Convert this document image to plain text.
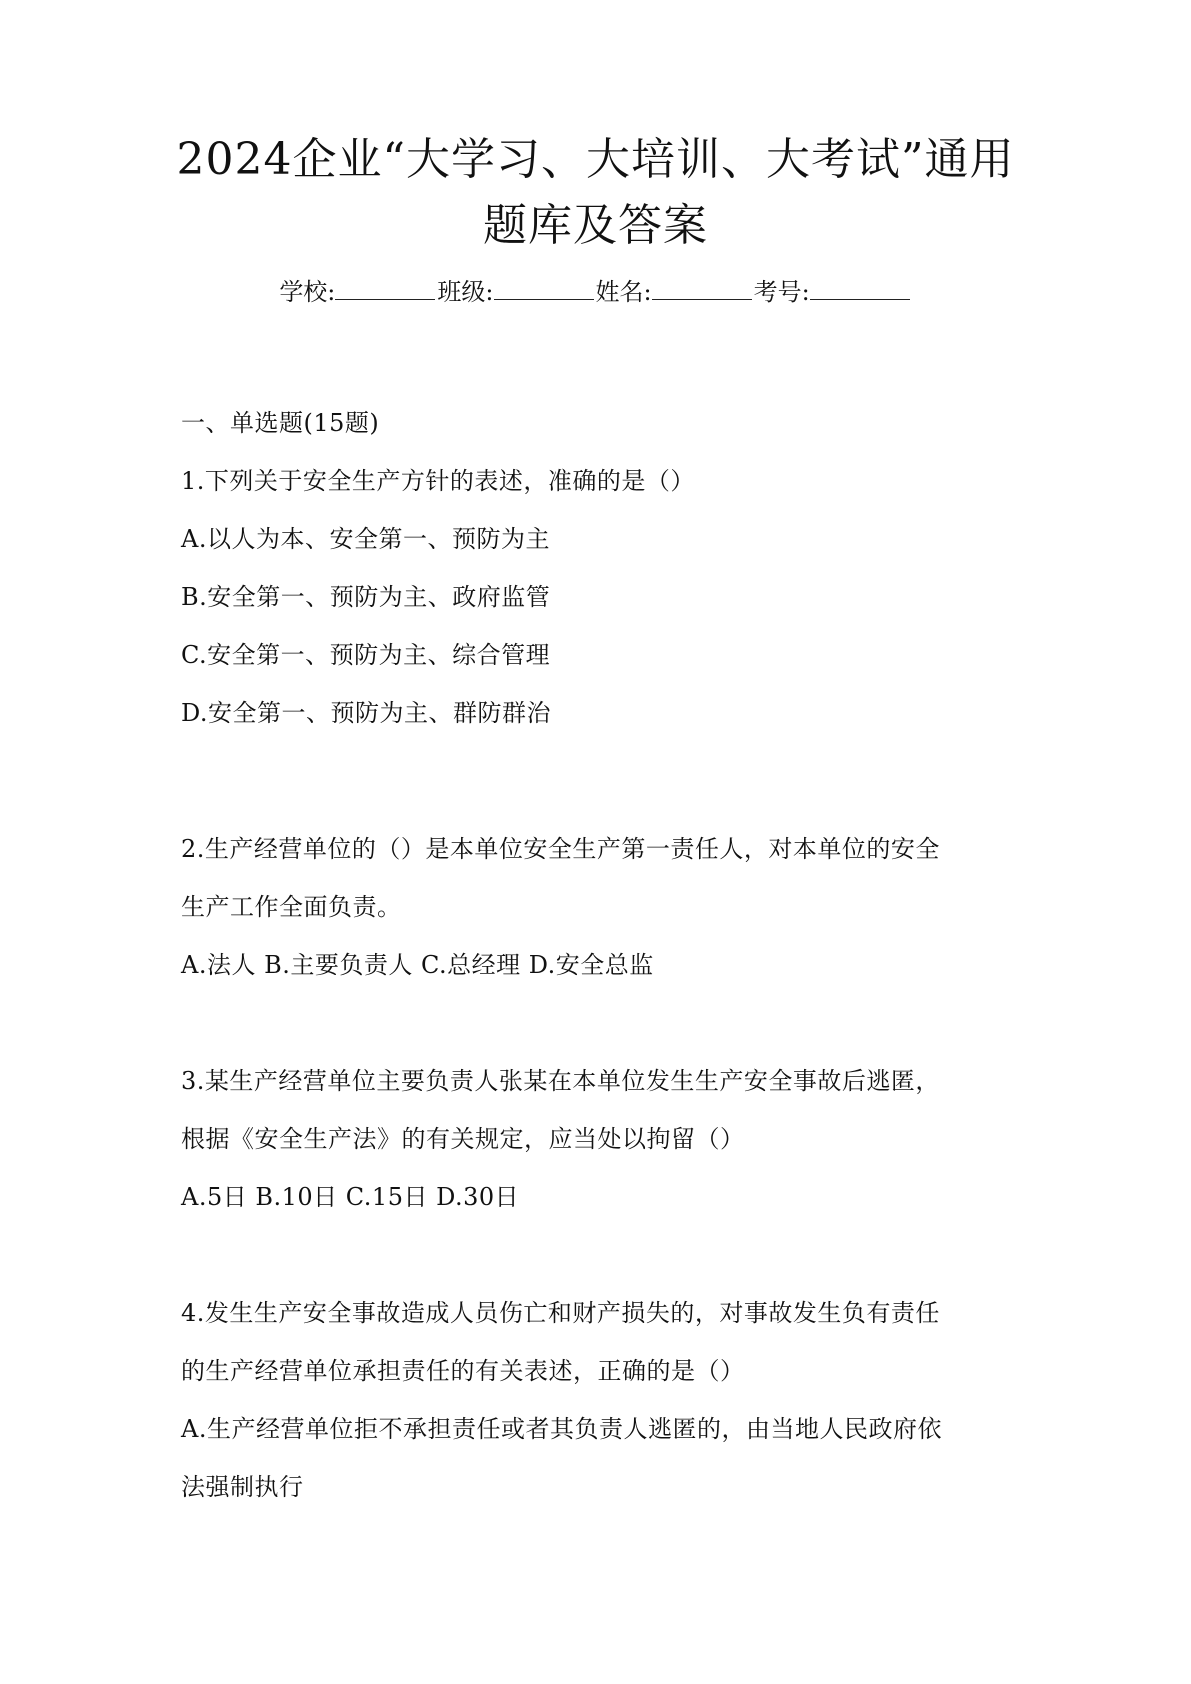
2024企业“大学习、大培训、大考试”通用
题库及答案
学校:	班级:	姓名:	考号:
一、单选题(15题)
1.下列关于安全生产方针的表述，准确的是（）
A.以人为本、安全第一、预防为主
B.安全第一、预防为主、政府监管
C.安全第一、预防为主、综合管理
D.安全第一、预防为主、群防群治
2.生产经营单位的（）是本单位安全生产第一责任人，对本单位的安全
生产工作全面负责。
A.法人 B.主要负责人 C.总经理 D.安全总监
3.某生产经营单位主要负责人张某在本单位发生生产安全事故后逃匿，
根据《安全生产法》的有关规定，应当处以拘留（）
A.5日 B.10日 C.15日 D.30日
4.发生生产安全事故造成人员伤亡和财产损失的，对事故发生负有责任
的生产经营单位承担责任的有关表述，正确的是（）
A.生产经营单位拒不承担责任或者其负责人逃匿的，由当地人民政府依
法强制执行
